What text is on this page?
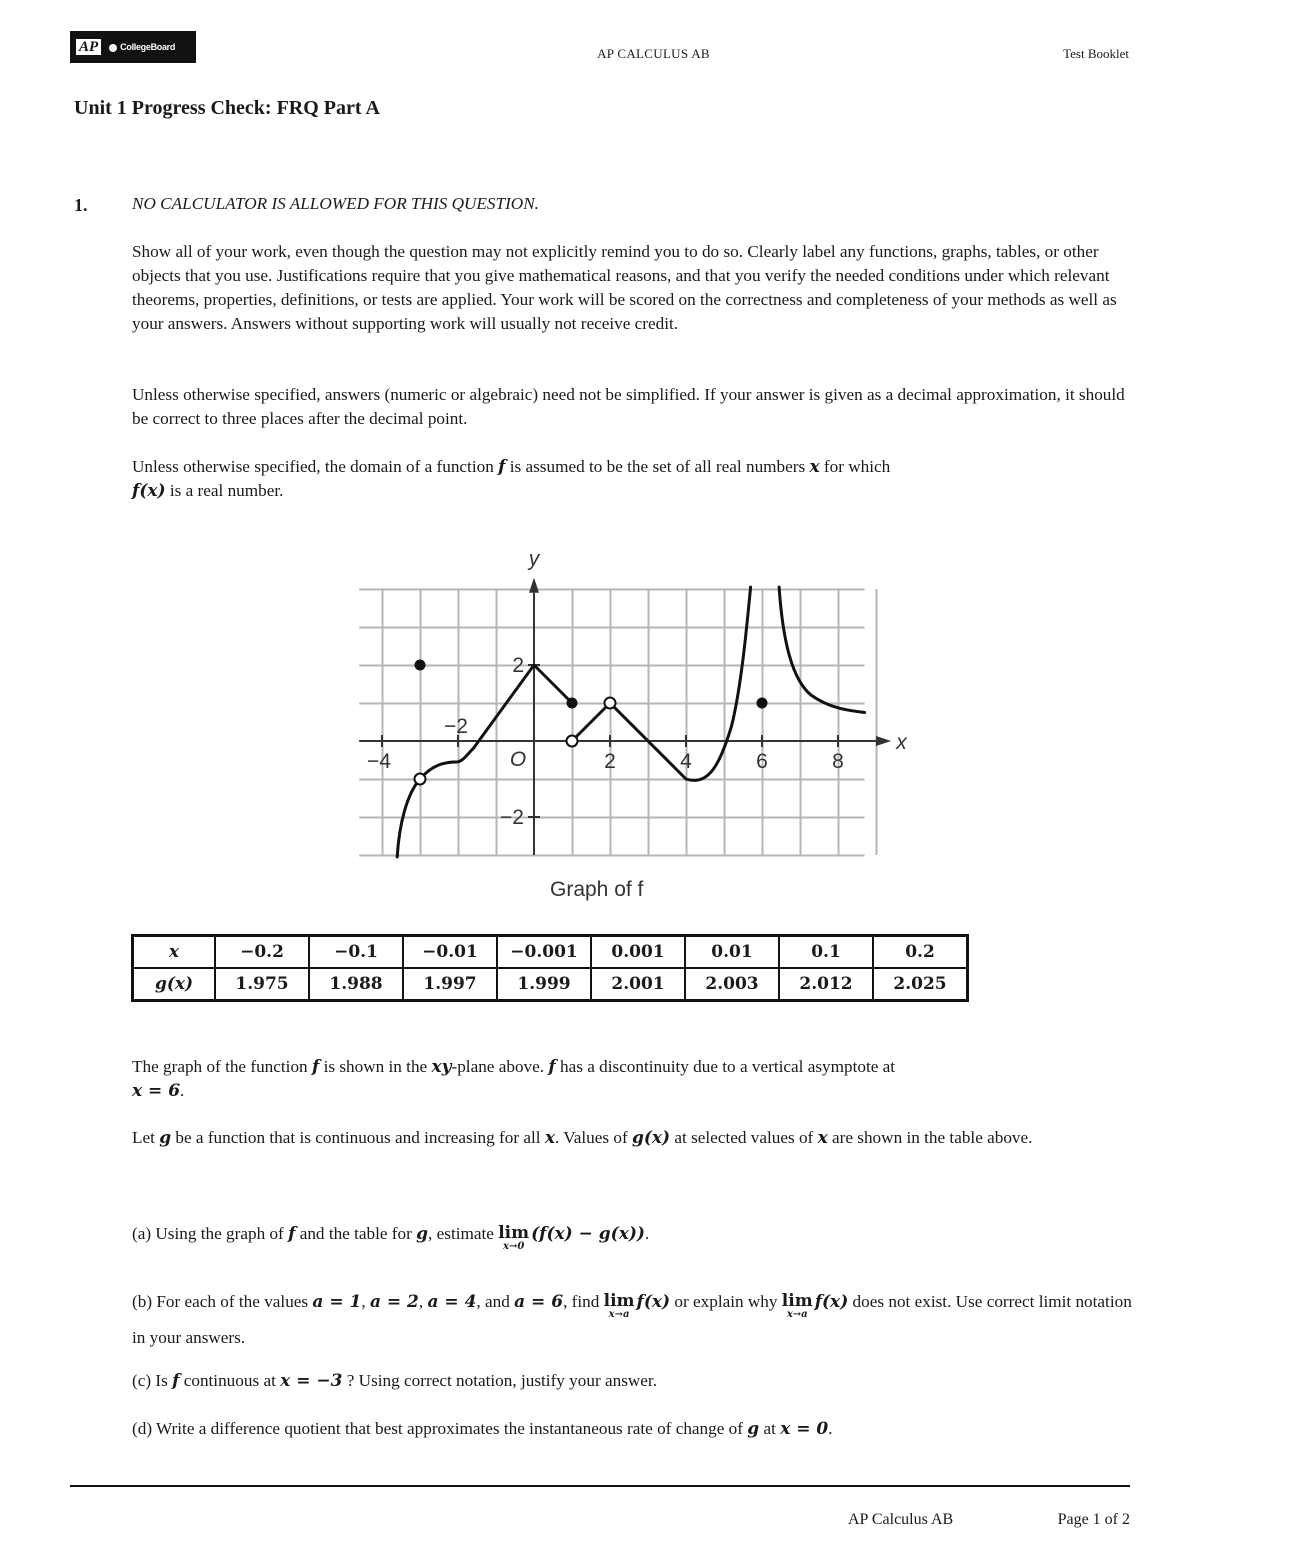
AP	CollegeBoard	AP CALCULUS AB	Test Booklet
Unit 1 Progress Check: FRQ Part A
1.	NO CALCULATOR IS ALLOWED FOR THIS QUESTION.
Show all of your work, even though the question may not explicitly remind you to do so. Clearly label any functions, graphs, tables, or other objects that you use. Justifications require that you give mathematical reasons, and that you verify the needed conditions under which relevant theorems, properties, definitions, or tests are applied. Your work will be scored on the correctness and completeness of your methods as well as your answers. Answers without supporting work will usually not receive credit.
Unless otherwise specified, answers (numeric or algebraic) need not be simplified. If your answer is given as a decimal approximation, it should be correct to three places after the decimal point.
Unless otherwise specified, the domain of a function f is assumed to be the set of all real numbers x for which
f(x) is a real number.
−4
−2
2	4	6	8
2
−2
O
x
y
Graph of f
x	−0.2	−0.1	−0.01	−0.001	0.001	0.01	0.1	0.2
g(x)	1.975	1.988	1.997	1.999	2.001	2.003	2.012	2.025
The graph of the function f is shown in the xy-plane above. f has a discontinuity due to a vertical asymptote at
x = 6.
Let g be a function that is continuous and increasing for all x. Values of g(x) at selected values of x are shown in the table above.
(a) Using the graph of f and the table for g, estimate lim
x→0
(f(x) − g(x)).
(b) For each of the values a = 1, a = 2, a = 4, and a = 6, find lim
x→a
f(x) or explain why lim
x→a
f(x) does not exist. Use correct limit notation in your answers.
(c) Is f continuous at x = −3 ? Using correct notation, justify your answer.
(d) Write a difference quotient that best approximates the instantaneous rate of change of g at x = 0.
AP Calculus AB	Page 1 of 2
